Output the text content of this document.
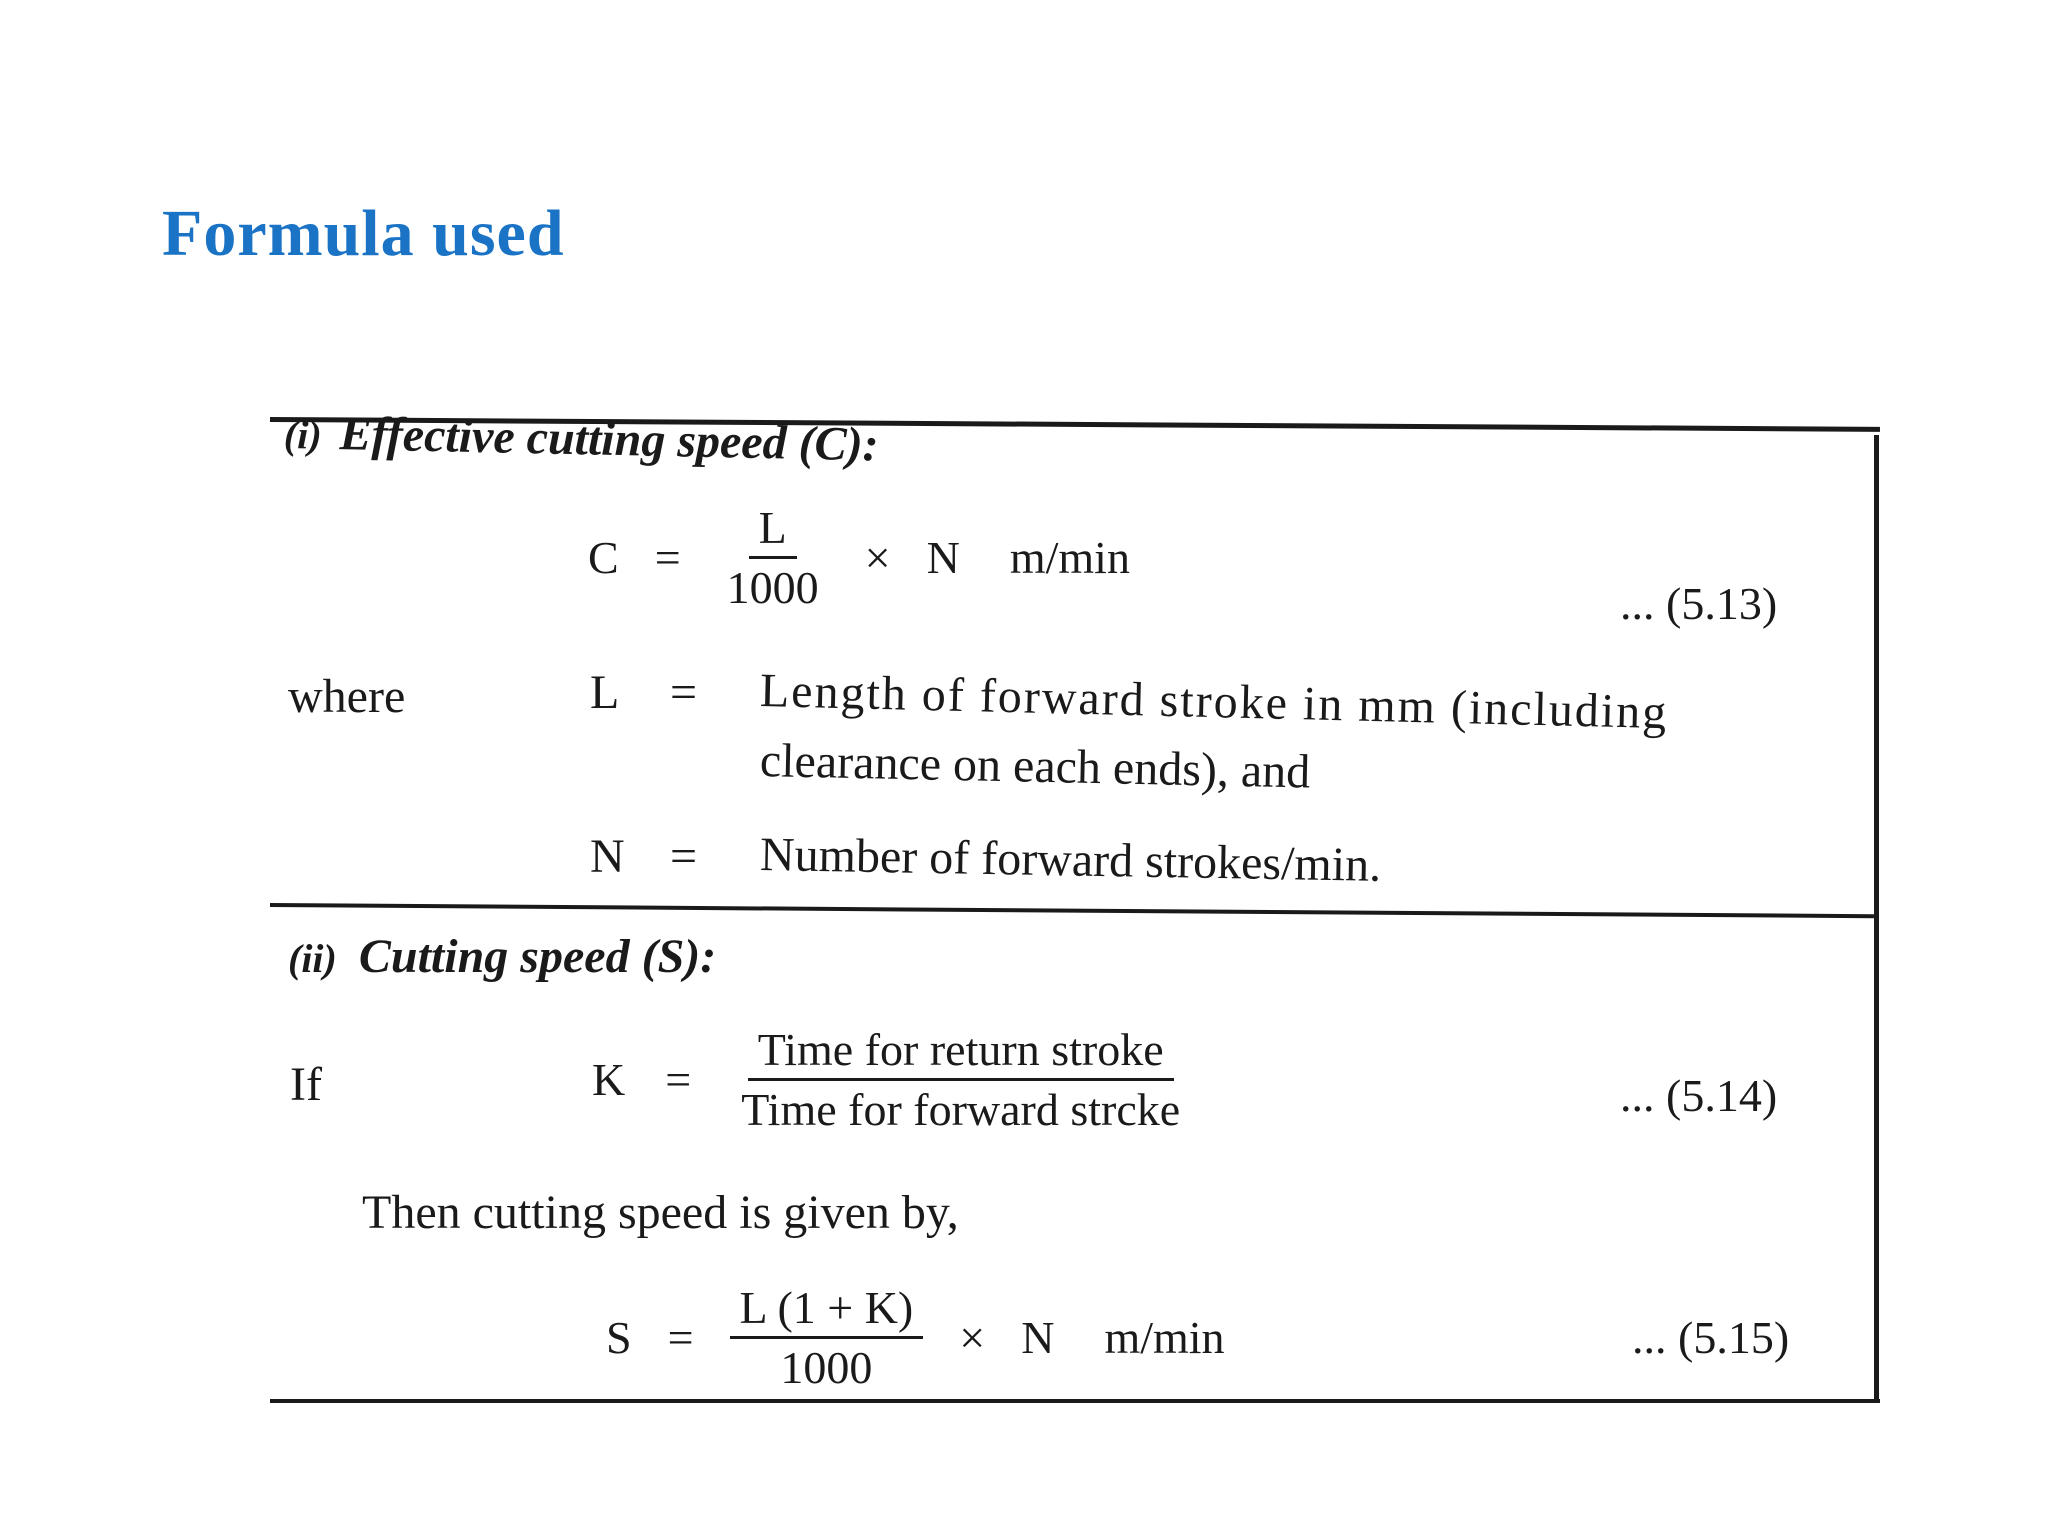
Formula used
(i) Effective cutting speed (C):
$C = \frac{L}{1000} \times N$ m/min
... (5.13)
where	L = Length of forward stroke in mm (including
clearance on each ends), and
N = Number of forward strokes/min.
(ii) Cutting speed (S):
If	$K = \frac{\text{Time for return stroke}}{\text{Time for forward strcke}}$	... (5.14)
Then cutting speed is given by,
$S = \frac{L (1 + K)}{1000} \times N$ m/min	... (5.15)
